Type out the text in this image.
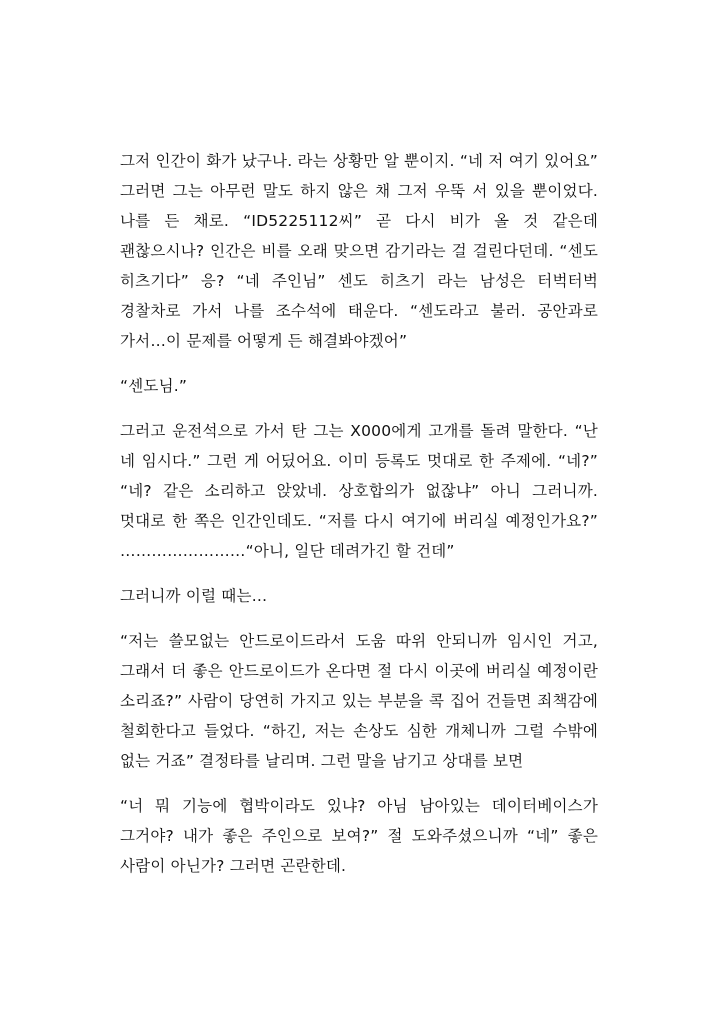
그저 인간이 화가 났구나. 라는 상황만 알 뿐이지. “네 저 여기 있어요” 그러면 그는 아무런 말도 하지 않은 채 그저 우뚝 서 있을 뿐이었다. 나를 든 채로. “ID5225112씨” 곧 다시 비가 올 것 같은데 괜찮으시나? 인간은 비를 오래 맞으면 감기라는 걸 걸린다던데. “센도 히츠기다” 응? “네 주인님” 센도 히츠기 라는 남성은 터벅터벅 경찰차로 가서 나를 조수석에 태운다. “센도라고 불러. 공안과로 가서…이 문제를 어떻게 든 해결봐야겠어”

“센도님.”

그러고 운전석으로 가서 탄 그는 X000에게 고개를 돌려 말한다. “난 네 임시다.” 그런 게 어딨어요. 이미 등록도 멋대로 한 주제에. “네?” “네? 같은 소리하고 앉았네. 상호합의가 없잖냐” 아니 그러니까. 멋대로 한 쪽은 인간인데도. “저를 다시 여기에 버리실 예정인가요?” ……………………“아니, 일단 데려가긴 할 건데”

그러니까 이럴 때는…

“저는 쓸모없는 안드로이드라서 도움 따위 안되니까 임시인 거고, 그래서 더 좋은 안드로이드가 온다면 절 다시 이곳에 버리실 예정이란 소리죠?” 사람이 당연히 가지고 있는 부분을 콕 집어 건들면 죄책감에 철회한다고 들었다. “하긴, 저는 손상도 심한 개체니까 그럴 수밖에 없는 거죠” 결정타를 날리며. 그런 말을 남기고 상대를 보면

“너 뭐 기능에 협박이라도 있냐? 아님 남아있는 데이터베이스가 그거야? 내가 좋은 주인으로 보여?” 절 도와주셨으니까 “네” 좋은 사람이 아닌가? 그러면 곤란한데.
